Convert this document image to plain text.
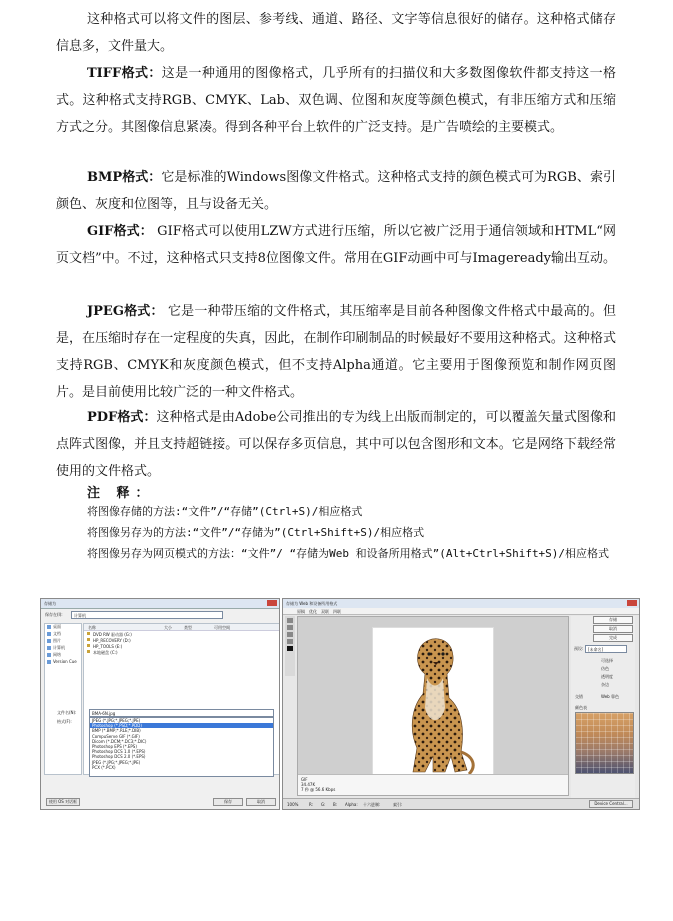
这种格式可以将文件的图层、参考线、通道、路径、文字等信息很好的储存。这种格式储存信息多，文件量大。

TIFF格式：这是一种通用的图像格式，几乎所有的扫描仪和大多数图像软件都支持这一格式。这种格式支持RGB、CMYK、Lab、双色调、位图和灰度等颜色模式，有非压缩方式和压缩方式之分。其图像信息紧凑。得到各种平台上软件的广泛支持。是广告喷绘的主要模式。

BMP格式：它是标准的Windows图像文件格式。这种格式支持的颜色模式可为RGB、索引颜色、灰度和位图等，且与设备无关。

GIF格式： GIF格式可以使用LZW方式进行压缩，所以它被广泛用于通信领域和HTML“网页文档”中。不过，这种格式只支持8位图像文件。常用在GIF动画中可与Imageready输出互动。

JPEG格式： 它是一种带压缩的文件格式，其压缩率是目前各种图像文件格式中最高的。但是，在压缩时存在一定程度的失真，因此，在制作印刷制品的时候最好不要用这种格式。这种格式支持RGB、CMYK和灰度颜色模式，但不支持Alpha通道。它主要用于图像预览和制作网页图片。是目前使用比较广泛的一种文件格式。

PDF格式：这种格式是由Adobe公司推出的专为线上出版而制定的，可以覆盖矢量式图像和点阵式图像，并且支持超链接。可以保存多页信息，其中可以包含图形和文本。它是网络下载经常使用的文件格式。

注 释：

将图像存储的方法:“文件”/“存储”(Ctrl+S)/相应格式

将图像另存为的方法:“文件”/“存储为”(Ctrl+Shift+S)/相应格式

将图像另存为网页模式的方法：“文件”/ “存储为Web 和设备所用格式”(Alt+Ctrl+Shift+S)/相应格式

存储为
保存在(I):	计算机
桌面
文档
图片
计算机
网络
Version Cue
名称	大小	类型	可用空间
DVD RW 驱动器 (G:)
HP_RECOVERY (D:)
HP_TOOLS (E:)
本地磁盘 (C:)
文件名(N):	BMA-6N.jpg
格式(F):	JPEG (*.JPG;*.JPEG;*.JPE)
Photoshop (*.PSD;*.PDD)
BMP (*.BMP;*.RLE;*.DIB)
CompuServe GIF (*.GIF)
Dicom (*.DCM;*.DC3;*.DIC)
Photoshop EPS (*.EPS)
Photoshop DCS 1.0 (*.EPS)
Photoshop DCS 2.0 (*.EPS)
JPEG (*.JPG;*.JPEG;*.JPE)
PCX (*.PCX)
使用 OS 对话框	保存	取消
存储为 Web 和设备所用格式
原稿 优化 双联 四联
GIF
34.47K
7 秒 @ 56.6 Kbps
存储
取消
完成
预设: [未命名]
可选择
仿色
透明度
杂边
交错	Web 靠色
颜色表
100%	R: G: B: Alpha: 十六进制:	索引:	Device Central...
